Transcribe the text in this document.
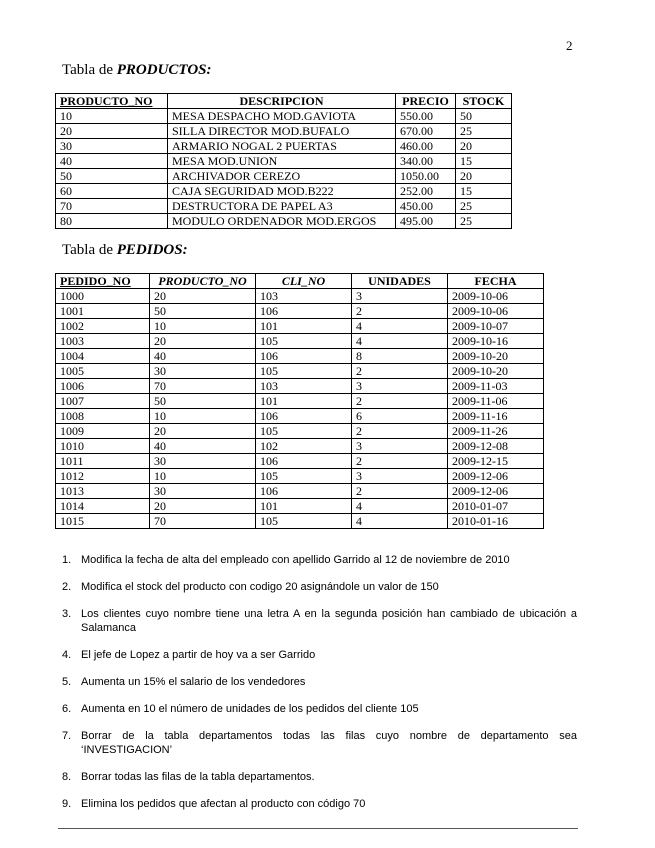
2
Tabla de PRODUCTOS:
PRODUCTO_NO	DESCRIPCION	PRECIO	STOCK
10	MESA DESPACHO MOD.GAVIOTA	550.00	50
20	SILLA DIRECTOR MOD.BUFALO	670.00	25
30	ARMARIO NOGAL 2 PUERTAS	460.00	20
40	MESA MOD.UNION	340.00	15
50	ARCHIVADOR CEREZO	1050.00	20
60	CAJA SEGURIDAD MOD.B222	252.00	15
70	DESTRUCTORA DE PAPEL A3	450.00	25
80	MODULO ORDENADOR MOD.ERGOS	495.00	25
Tabla de PEDIDOS:
PEDIDO_NO	PRODUCTO_NO	CLI_NO	UNIDADES	FECHA
1000	20	103	3	2009-10-06
1001	50	106	2	2009-10-06
1002	10	101	4	2009-10-07
1003	20	105	4	2009-10-16
1004	40	106	8	2009-10-20
1005	30	105	2	2009-10-20
1006	70	103	3	2009-11-03
1007	50	101	2	2009-11-06
1008	10	106	6	2009-11-16
1009	20	105	2	2009-11-26
1010	40	102	3	2009-12-08
1011	30	106	2	2009-12-15
1012	10	105	3	2009-12-06
1013	30	106	2	2009-12-06
1014	20	101	4	2010-01-07
1015	70	105	4	2010-01-16
1. Modifica la fecha de alta del empleado con apellido Garrido al 12 de noviembre de 2010
2. Modifica el stock del producto con codigo 20 asignándole un valor de 150
3. Los clientes cuyo nombre tiene una letra A en la segunda posición han cambiado de ubicación a Salamanca
4. El jefe de Lopez a partir de hoy va a ser Garrido
5. Aumenta un 15% el salario de los vendedores
6. Aumenta en 10 el número de unidades de los pedidos del cliente 105
7. Borrar de la tabla departamentos todas las filas cuyo nombre de departamento sea ‘INVESTIGACION’
8. Borrar todas las filas de la tabla departamentos.
9. Elimina los pedidos que afectan al producto con código 70
